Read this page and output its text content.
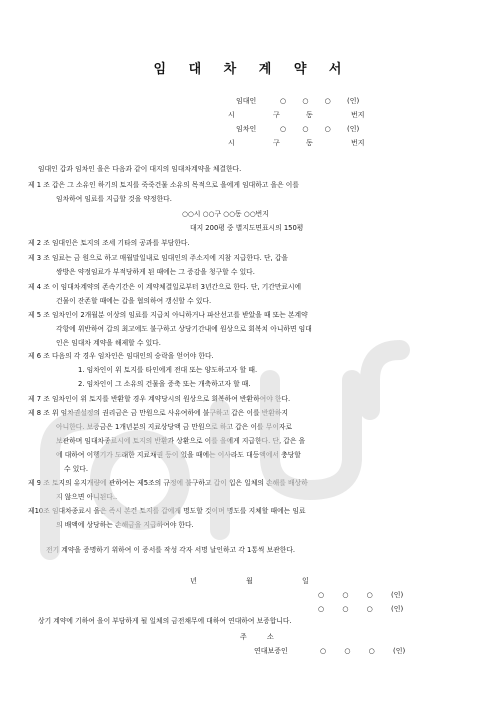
임 대 차 계 약 서
임대인	○ ○ ○ (인)
시 구	동 번지
임차인	○ ○ ○ (인)
시 구	동 번지
임대인 갑과 임차인 을은 다음과 같이 대지의 임대차계약을 체결한다.
제 1 조 갑은 그 소유인 하기의 토지를 죽죽건물 소유의 목적으로 을에게 임대하고 을은 이를
임차하여 임료를 지급할 것을 약정한다.
○○시 ○○구 ○○동 ○○번지
대지 200평 중 별지도면표시의 150평
제 2 조 임대인은 토지의 조세 기타의 공과를 부담한다.
제 3 조 임료는 금 원으로 하고 매월말일내로 임대인의 주소지에 지참 지급한다. 단, 갑을
쌍방은 약정임료가 부적당하게 된 때에는 그 증감을 청구할 수 있다.
제 4 조 이 임대차계약의 존속기간은 이 계약체결일로부터 3년간으로 한다. 단, 기간만료시에
건물이 잔존할 때에는 갑을 협의하여 갱신할 수 있다.
제 5 조 임차인이 2개월분 이상의 임료를 지급치 아니하거나 파산선고를 받았을 때 또는 본계약
각항에 위반하여 갑의 최고에도 불구하고 상당기간내에 원상으로 회복치 아니하면 임대
인은 임대차 계약을 해제할 수 있다.
제 6 조 다음의 각 경우 임차인은 임대인의 승락을 얻어야 한다.
1. 임차인이 위 토지를 타인에게 전대 또는 양도하고자 할 때.
2. 임차인이 그 소유의 건물을 증축 또는 개축하고자 할 때.
제 7 조 임차인이 위 토지를 반환할 경우 계약당시의 원상으로 회복하여 반환하여야 한다.
제 8 조 위 임차권설정의 권리금은 금 만원으로 사유여하에 불구하고 갑은 이를 반환하지
아니한다. 보증금은 1개년분의 지료상당액 금 만원으로 하고 갑은 이를 무이자로
보관하며 임대차종료시에 토지의 반환과 상환으로 이를 을에게 지급한다. 단, 갑은 을
에 대하여 이행기가 도래한 지료채권 등이 있을 때에는 이사라도 대등액에서 충당할
수 있다.
제 9 조 토지의 유지개량에 관하여는 제5조의 규정에 불구하고 갑이 입은 일체의 손해를 배상하
지 않으면 아니된다..
제10조 임대차종료시 을은 즉시 본건 토지를 갑에게 명도할 것이며 명도를 지체할 때에는 임료
의 배액에 상당하는 손해금을 지급하여야 한다.
전기 계약을 증명하기 위하여 이 증서를 작성 각자 서명 날인하고 각 1통씩 보관한다.
년	월	일
○ ○ ○ (인)
○ ○ ○ (인)
상기 계약에 기하여 을이 부담하게 될 일체의 금전채무에 대하여 연대하여 보증합니다.
주 소
연대보증인	○ ○ ○ (인)
